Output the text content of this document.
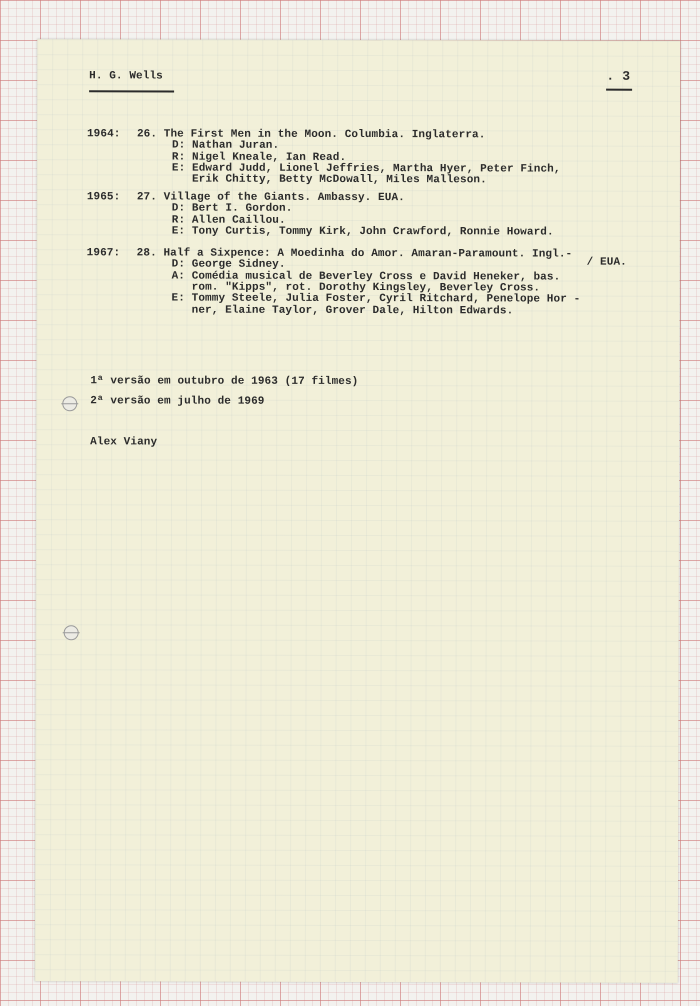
H. G. Wells	. 3
1964: 26. The First Men in the Moon. Columbia. Inglaterra.
D: Nathan Juran.
R: Nigel Kneale, Ian Read.
E: Edward Judd, Lionel Jeffries, Martha Hyer, Peter Finch,
Erik Chitty, Betty McDowall, Miles Malleson.
1965: 27. Village of the Giants. Ambassy. EUA.
D: Bert I. Gordon.
R: Allen Caillou.
E: Tony Curtis, Tommy Kirk, John Crawford, Ronnie Howard.
1967: 28. Half a Sixpence: A Moedinha do Amor. Amaran-Paramount. Ingl.-
/ EUA.
D: George Sidney.
A: Comédia musical de Beverley Cross e David Heneker, bas.
rom. "Kipps", rot. Dorothy Kingsley, Beverley Cross.
E: Tommy Steele, Julia Foster, Cyril Ritchard, Penelope Hor -
ner, Elaine Taylor, Grover Dale, Hilton Edwards.
1ª versão em outubro de 1963 (17 filmes)
2ª versão em julho de 1969
Alex Viany
